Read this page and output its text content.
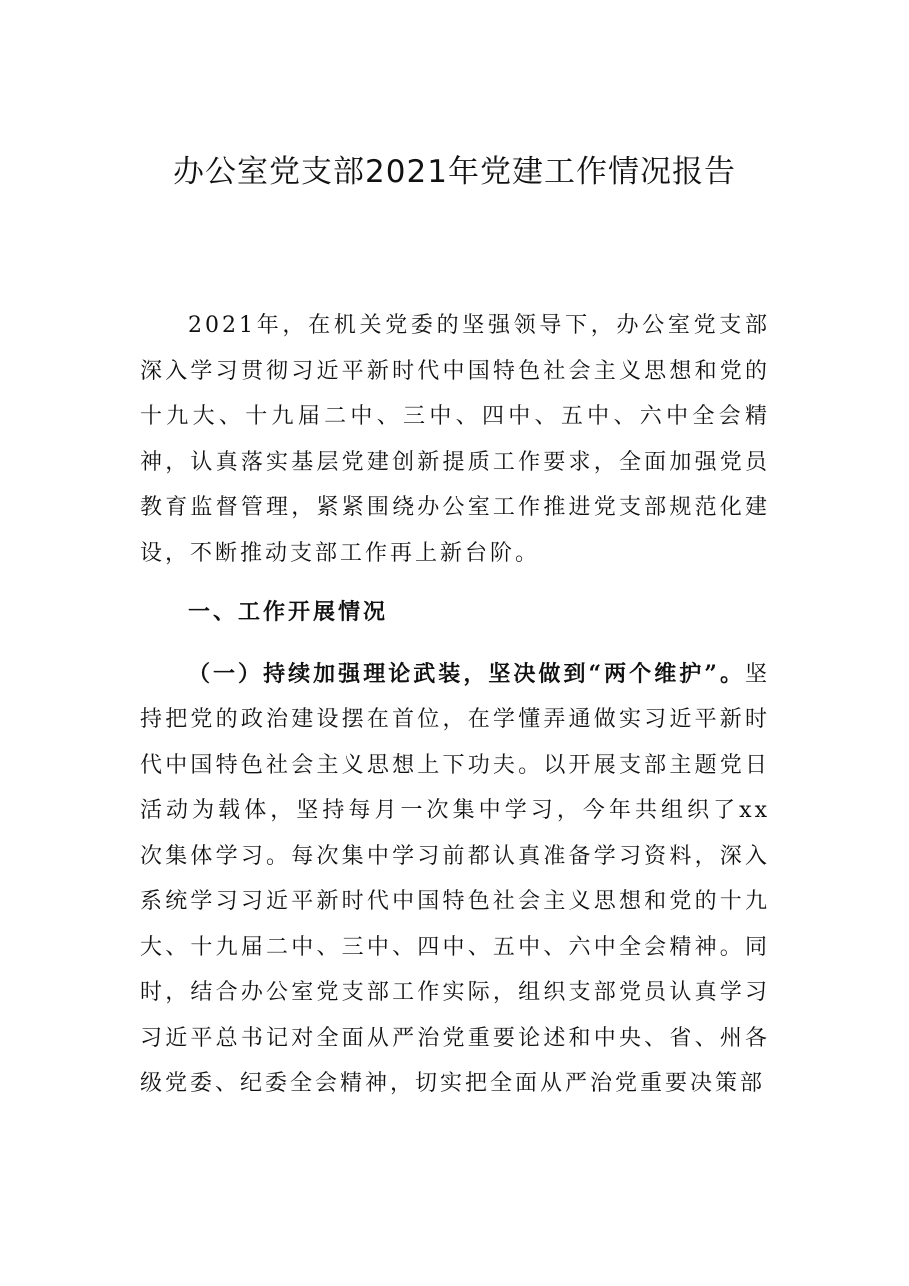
办公室党支部2021年党建工作情况报告

2021年，在机关党委的坚强领导下，办公室党支部深入学习贯彻习近平新时代中国特色社会主义思想和党的十九大、十九届二中、三中、四中、五中、六中全会精神，认真落实基层党建创新提质工作要求，全面加强党员教育监督管理，紧紧围绕办公室工作推进党支部规范化建设，不断推动支部工作再上新台阶。

一、工作开展情况

（一）持续加强理论武装，坚决做到“两个维护”。坚持把党的政治建设摆在首位，在学懂弄通做实习近平新时代中国特色社会主义思想上下功夫。以开展支部主题党日活动为载体，坚持每月一次集中学习，今年共组织了xx次集体学习。每次集中学习前都认真准备学习资料，深入系统学习习近平新时代中国特色社会主义思想和党的十九大、十九届二中、三中、四中、五中、六中全会精神。同时，结合办公室党支部工作实际，组织支部党员认真学习习近平总书记对全面从严治党重要论述和中央、省、州各级党委、纪委全会精神，切实把全面从严治党重要决策部
